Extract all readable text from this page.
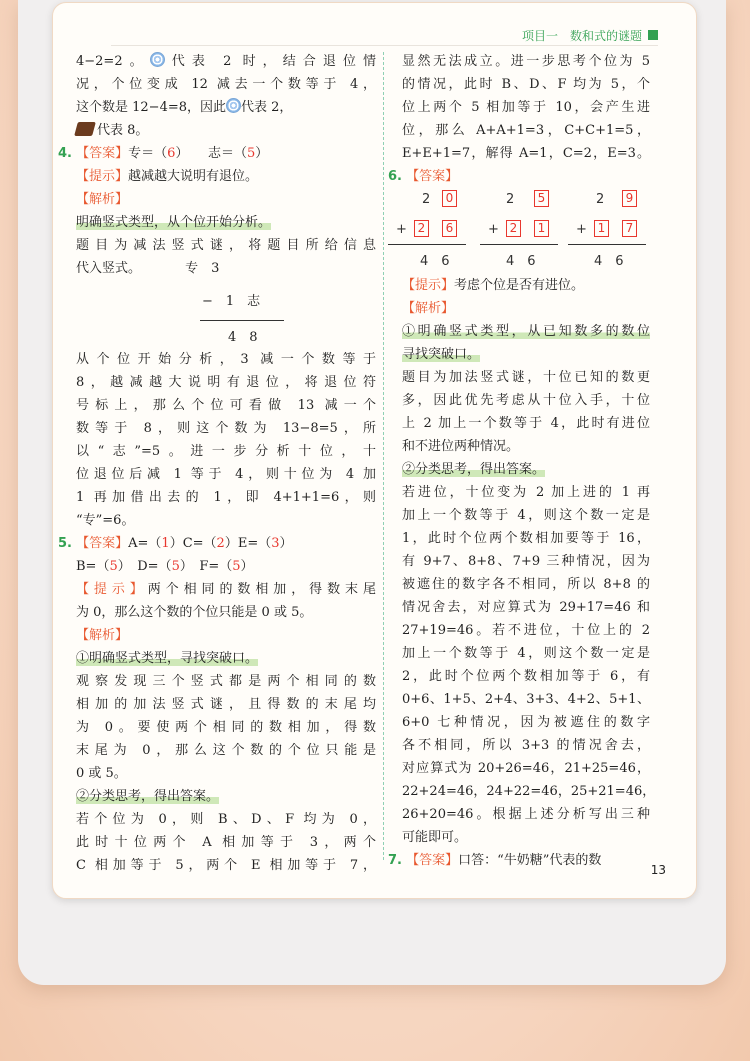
项目一　数和式的谜题
4−2=2。 代表 2 时，结合退位情
况，个位变成 12 减去一个数等于 4，
这个数是 12−4=8，因此 代表 2，
代表 8。
4. 【答案】专＝（6）　　志＝（5）
【提示】越减越大说明有退位。
【解析】
明确竖式类型，从个位开始分析。
题目为减法竖式谜，将题目所给信息
代入竖式。	专　3
−　1　志
4　8
从个位开始分析，3 减一个数等于
8，越减越大说明有退位，将退位符
号标上，那么个位可看做 13 减一个
数等于 8，则这个数为 13−8=5，所
以“志”=5。进一步分析十位，十
位退位后减 1 等于 4，则十位为 4 加
1 再加借出去的 1，即 4+1+1=6，则
“专”=6。
5. 【答案】A=（1）C=（2）E=（3）
B=（5）　D=（5）　F=（5）
【提示】两个相同的数相加，得数末尾
为 0，那么这个数的个位只能是 0 或 5。
【解析】
①明确竖式类型，寻找突破口。
观察发现三个竖式都是两个相同的数
相加的加法竖式谜，且得数的末尾均
为 0。要使两个相同的数相加，得数
末尾为 0，那么这个数的个位只能是
0 或 5。
②分类思考，得出答案。
若个位为 0，则 B、D、F 均为 0，
此时十位两个 A 相加等于 3，两个
C 相加等于 5，两个 E 相加等于 7，
显然无法成立。进一步思考个位为 5
的情况，此时 B、D、F 均为 5，个
位上两个 5 相加等于 10，会产生进
位，那么 A+A+1=3，C+C+1=5，
E+E+1=7，解得 A=1，C=2，E=3。
6. 【答案】
2	0
+ 2	6
4　6
2	5
+ 2	1
4　6
2	9
+ 1	7
4　6
【提示】考虑个位是否有进位。
【解析】
①明确竖式类型，从已知数多的数位
寻找突破口。
题目为加法竖式谜，十位已知的数更
多，因此优先考虑从十位入手，十位
上 2 加上一个数等于 4，此时有进位
和不进位两种情况。
②分类思考，得出答案。
若进位，十位变为 2 加上进的 1 再
加上一个数等于 4，则这个数一定是
1，此时个位两个数相加要等于 16，
有 9+7、8+8、7+9 三种情况，因为
被遮住的数字各不相同，所以 8+8 的
情况舍去，对应算式为 29+17=46 和
27+19=46。若不进位，十位上的 2
加上一个数等于 4，则这个数一定是
2，此时个位两个数相加等于 6，有
0+6、1+5、2+4、3+3、4+2、5+1、
6+0 七种情况，因为被遮住的数字
各不相同，所以 3+3 的情况舍去，
对应算式为 20+26=46，21+25=46，
22+24=46，24+22=46，25+21=46，
26+20=46。根据上述分析写出三种
可能即可。
7. 【答案】口答：“牛奶糖”代表的数
13
